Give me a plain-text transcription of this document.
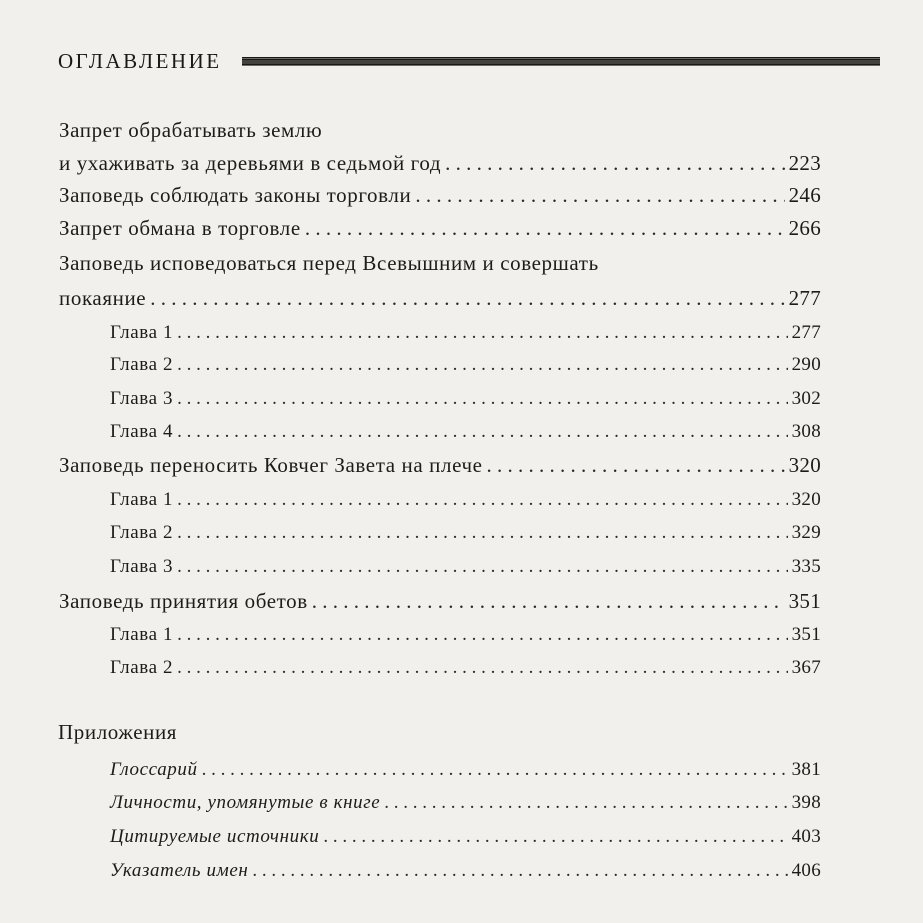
ОГЛАВЛЕНИЕ
Запрет обрабатывать землю
и ухаживать за деревьями в седьмой год . . .	223
Заповедь соблюдать законы торговли . . .	246
Запрет обмана в торговле . . .	266
Заповедь исповедоваться перед Всевышним и совершать
покаяние . . .	277
Глава 1 . . .	277
Глава 2 . . .	290
Глава 3 . . .	302
Глава 4 . . .	308
Заповедь переносить Ковчег Завета на плече . . .	320
Глава 1 . . .	320
Глава 2 . . .	329
Глава 3 . . .	335
Заповедь принятия обетов . . .	351
Глава 1 . . .	351
Глава 2 . . .	367
Приложения
Глоссарий . . .	381
Личности, упомянутые в книге . . .	398
Цитируемые источники . . .	403
Указатель имен . . .	406
